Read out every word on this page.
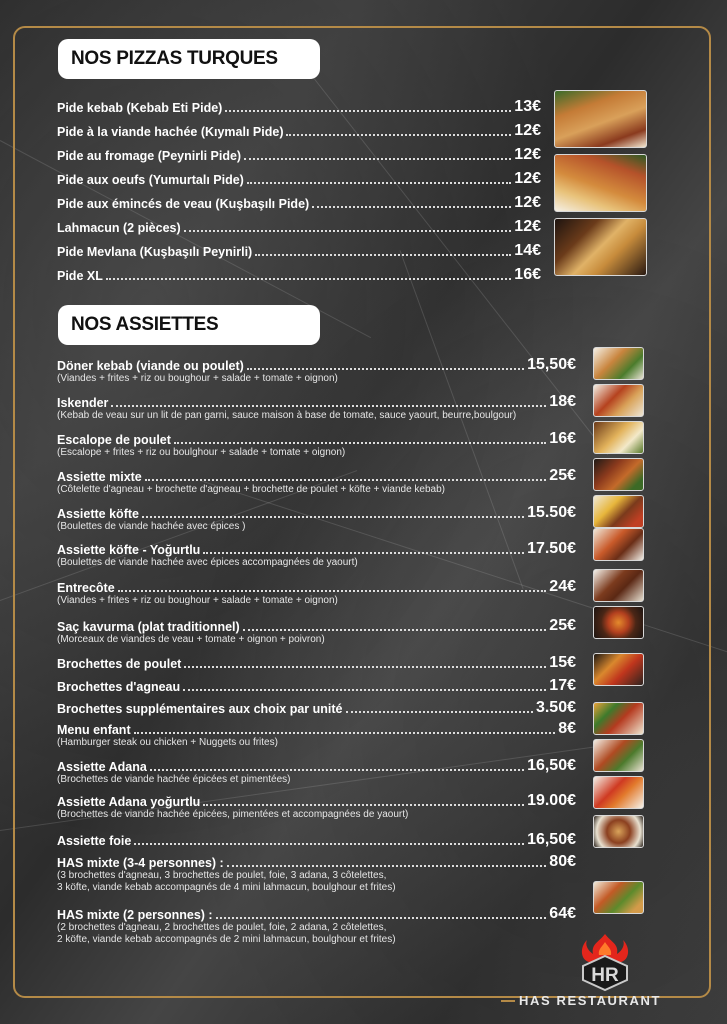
NOS PIZZAS TURQUES
Pide kebab (Kebab Eti Pide)	13€
Pide à la viande hachée (Kıymalı Pide)	12€
Pide au fromage (Peynirli Pide)	12€
Pide aux oeufs (Yumurtalı Pide)	12€
Pide aux émincés de veau (Kuşbaşılı Pide)	12€
Lahmacun (2 pièces)	12€
Pide Mevlana (Kuşbaşılı Peynirli)	14€
Pide XL	16€
NOS ASSIETTES
Döner kebab (viande ou poulet)	15,50€
(Viandes + frites + riz ou boughour + salade + tomate + oignon)
Iskender	18€
(Kebab de veau sur un lit de pan garni, sauce maison à base de tomate, sauce yaourt, beurre,boulgour)
Escalope de poulet	16€
(Escalope + frites + riz ou boulghour + salade + tomate + oignon)
Assiette mixte	25€
(Côtelette d'agneau + brochette d'agneau + brochette de poulet + köfte + viande kebab)
Assiette köfte	15.50€
(Boulettes de viande hachée avec épices )
Assiette köfte - Yoğurtlu	17.50€
(Boulettes de viande hachée avec épices accompagnées de yaourt)
Entrecôte	24€
(Viandes + frites + riz ou boughour + salade + tomate + oignon)
Saç kavurma (plat traditionnel)	25€
(Morceaux de viandes de veau + tomate + oignon + poivron)
Brochettes de poulet	15€
Brochettes d'agneau	17€
Brochettes supplémentaires aux choix par unité	3.50€
Menu enfant	8€
(Hamburger steak ou chicken + Nuggets ou frites)
Assiette Adana	16,50€
(Brochettes de viande hachée épicées et pimentées)
Assiette Adana yoğurtlu	19.00€
(Brochettes de viande hachée épicées, pimentées et accompagnées de yaourt)
Assiette foie	16,50€
HAS mixte (3-4 personnes) :	80€
(3 brochettes d'agneau, 3 brochettes de poulet, foie, 3 adana, 3 côtelettes,
3 köfte, viande kebab accompagnés de 4 mini lahmacun, boulghour et frites)
HAS mixte (2 personnes) :	64€
(2 brochettes d'agneau, 2 brochettes de poulet, foie, 2 adana, 2 côtelettes,
2 köfte, viande kebab accompagnés de 2 mini lahmacun, boulghour et frites)
HR
HAS RESTAURANT
